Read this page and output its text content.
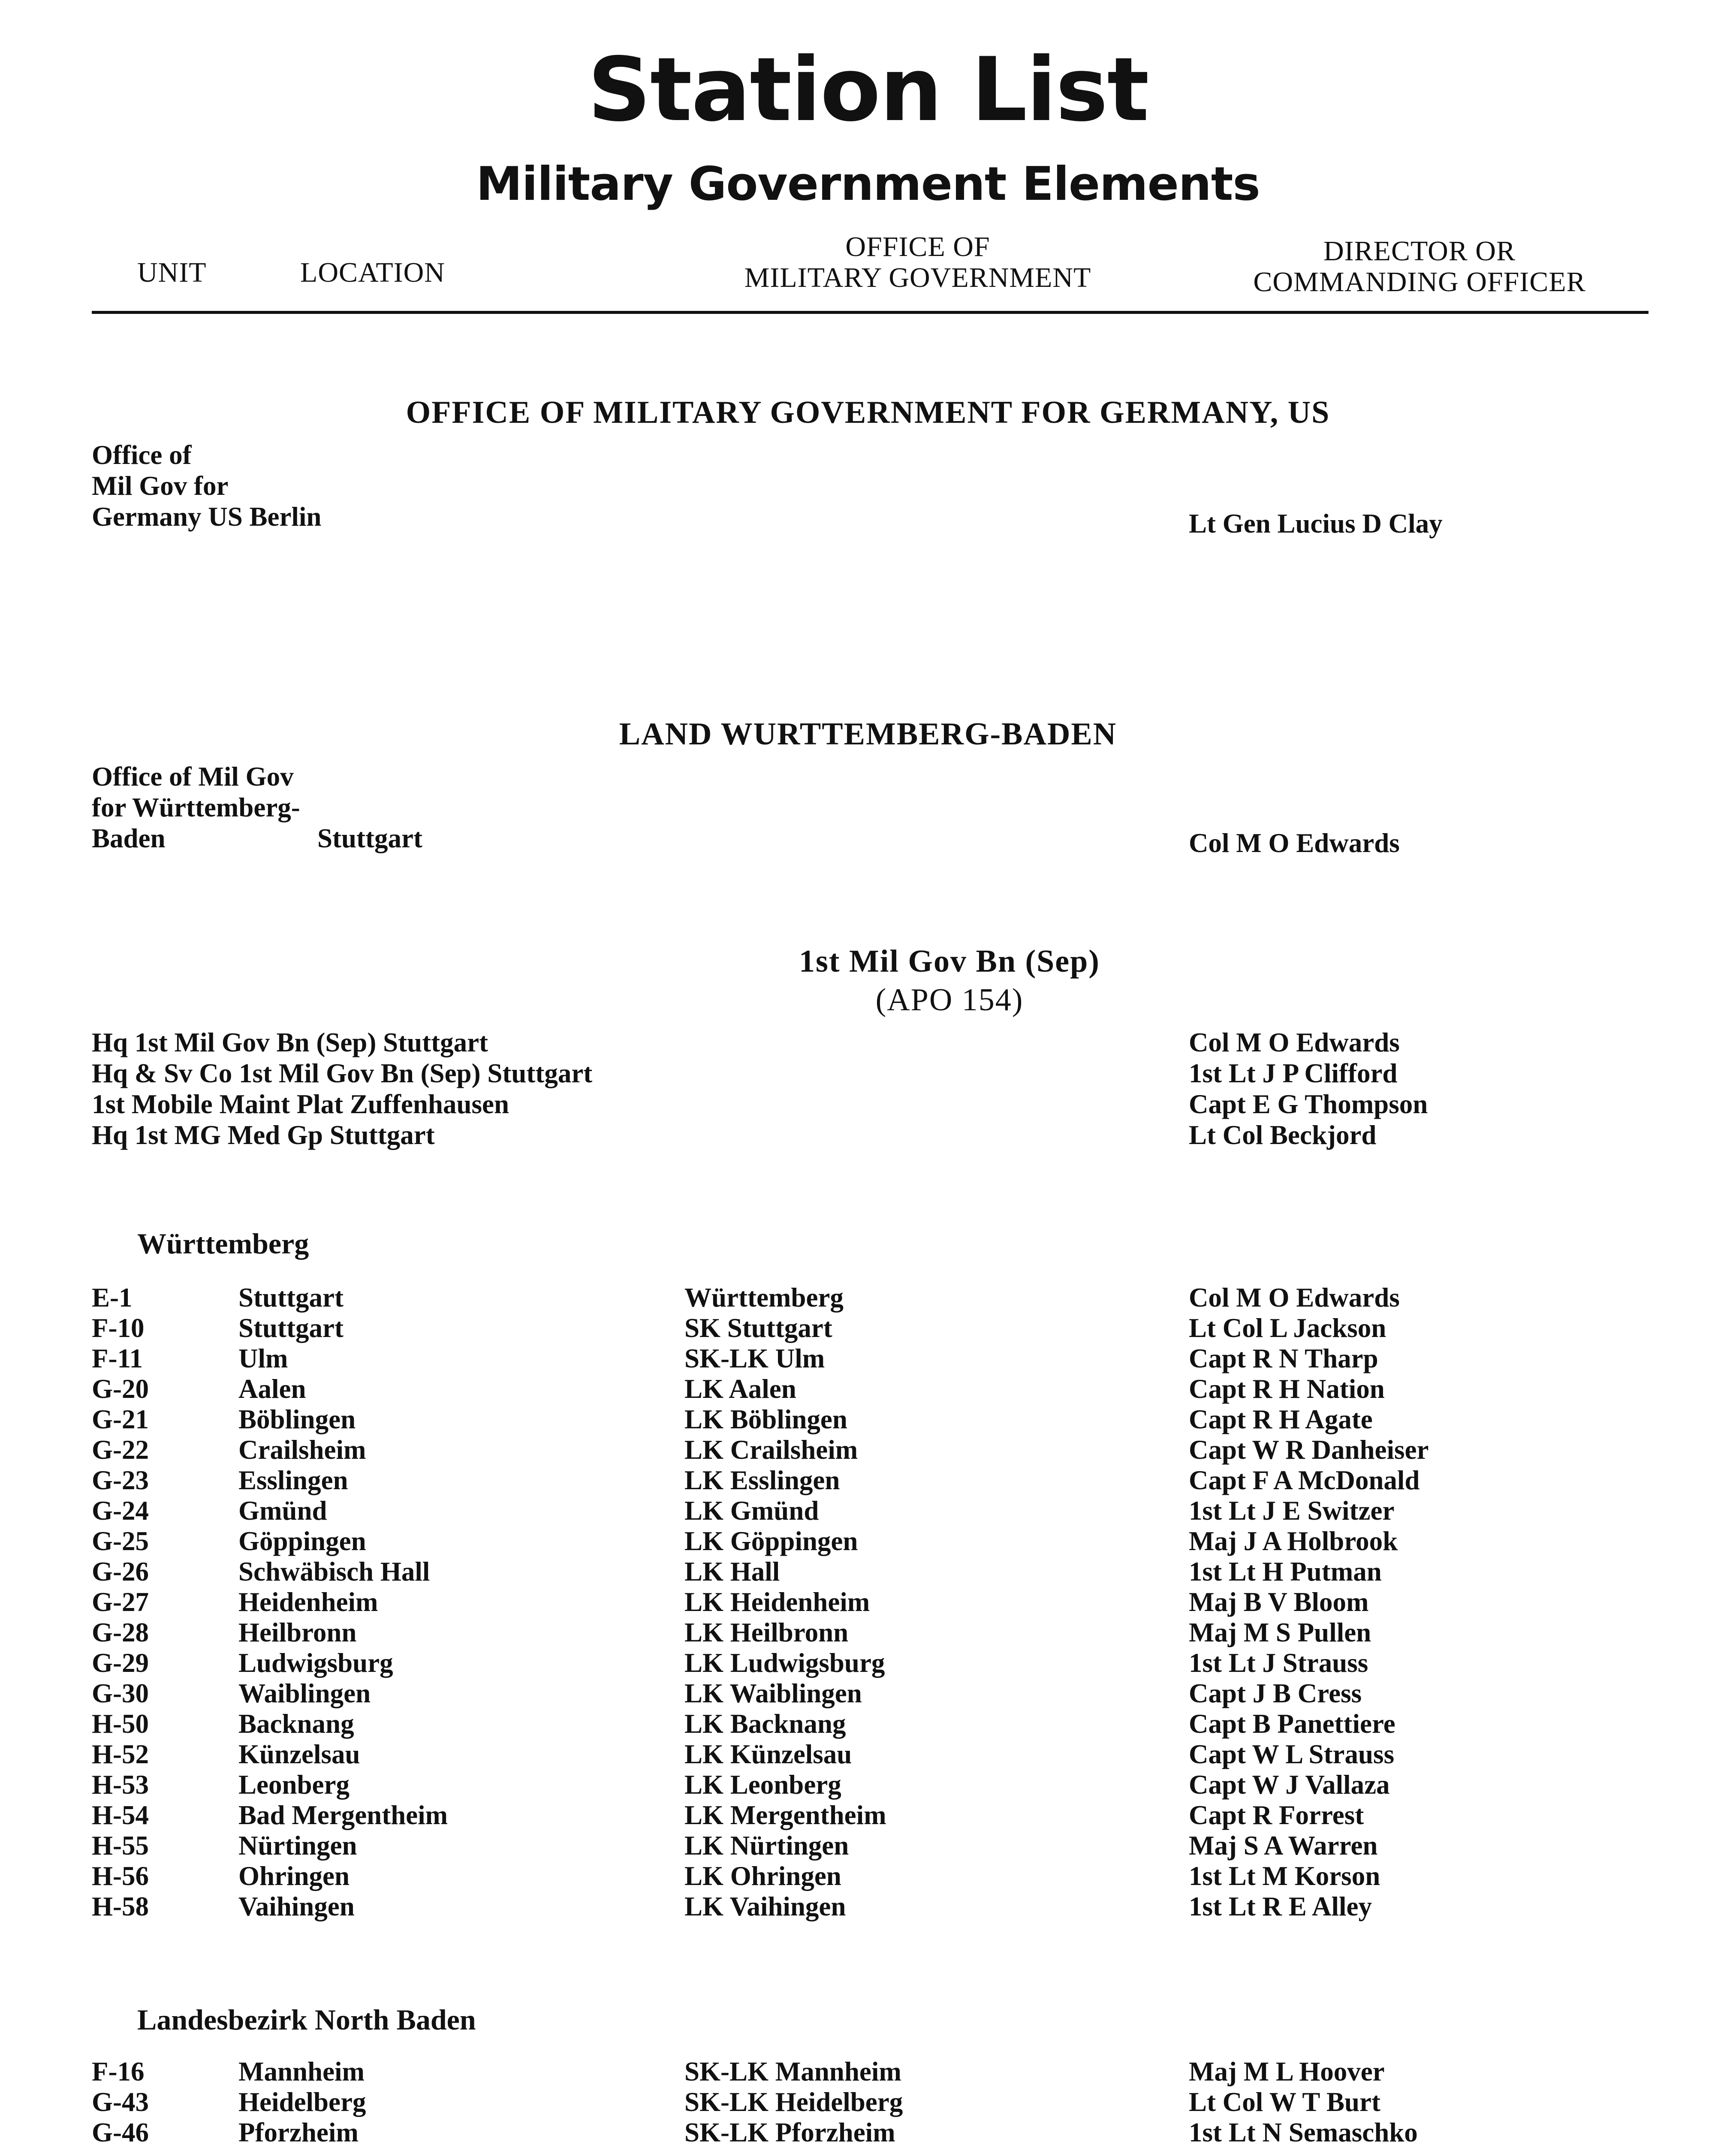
Station List
Military Government Elements
UNIT	LOCATION
OFFICE OF
MILITARY GOVERNMENT
DIRECTOR OR
COMMANDING OFFICER
OFFICE OF MILITARY GOVERNMENT FOR GERMANY, US
Office of
Mil Gov for
Germany US Berlin	Lt Gen Lucius D Clay
LAND WURTTEMBERG-BADEN
Office of Mil Gov
for Württemberg-
Baden	Stuttgart	Col M O Edwards
1st Mil Gov Bn (Sep)
(APO 154)
Hq 1st Mil Gov Bn (Sep) Stuttgart	Col M O Edwards
Hq & Sv Co 1st Mil Gov Bn (Sep) Stuttgart	1st Lt J P Clifford
1st Mobile Maint Plat Zuffenhausen	Capt E G Thompson
Hq 1st MG Med Gp Stuttgart	Lt Col Beckjord
Württemberg
E-1	Stuttgart	Württemberg	Col M O Edwards
F-10	Stuttgart	SK Stuttgart	Lt Col L Jackson
F-11	Ulm	SK-LK Ulm	Capt R N Tharp
G-20	Aalen	LK Aalen	Capt R H Nation
G-21	Böblingen	LK Böblingen	Capt R H Agate
G-22	Crailsheim	LK Crailsheim	Capt W R Danheiser
G-23	Esslingen	LK Esslingen	Capt F A McDonald
G-24	Gmünd	LK Gmünd	1st Lt J E Switzer
G-25	Göppingen	LK Göppingen	Maj J A Holbrook
G-26	Schwäbisch Hall	LK Hall	1st Lt H Putman
G-27	Heidenheim	LK Heidenheim	Maj B V Bloom
G-28	Heilbronn	LK Heilbronn	Maj M S Pullen
G-29	Ludwigsburg	LK Ludwigsburg	1st Lt J Strauss
G-30	Waiblingen	LK Waiblingen	Capt J B Cress
H-50	Backnang	LK Backnang	Capt B Panettiere
H-52	Künzelsau	LK Künzelsau	Capt W L Strauss
H-53	Leonberg	LK Leonberg	Capt W J Vallaza
H-54	Bad Mergentheim	LK Mergentheim	Capt R Forrest
H-55	Nürtingen	LK Nürtingen	Maj S A Warren
H-56	Ohringen	LK Ohringen	1st Lt M Korson
H-58	Vaihingen	LK Vaihingen	1st Lt R E Alley
Landesbezirk North Baden
F-16	Mannheim	SK-LK Mannheim	Maj M L Hoover
G-43	Heidelberg	SK-LK Heidelberg	Lt Col W T Burt
G-46	Pforzheim	SK-LK Pforzheim	1st Lt N Semaschko
